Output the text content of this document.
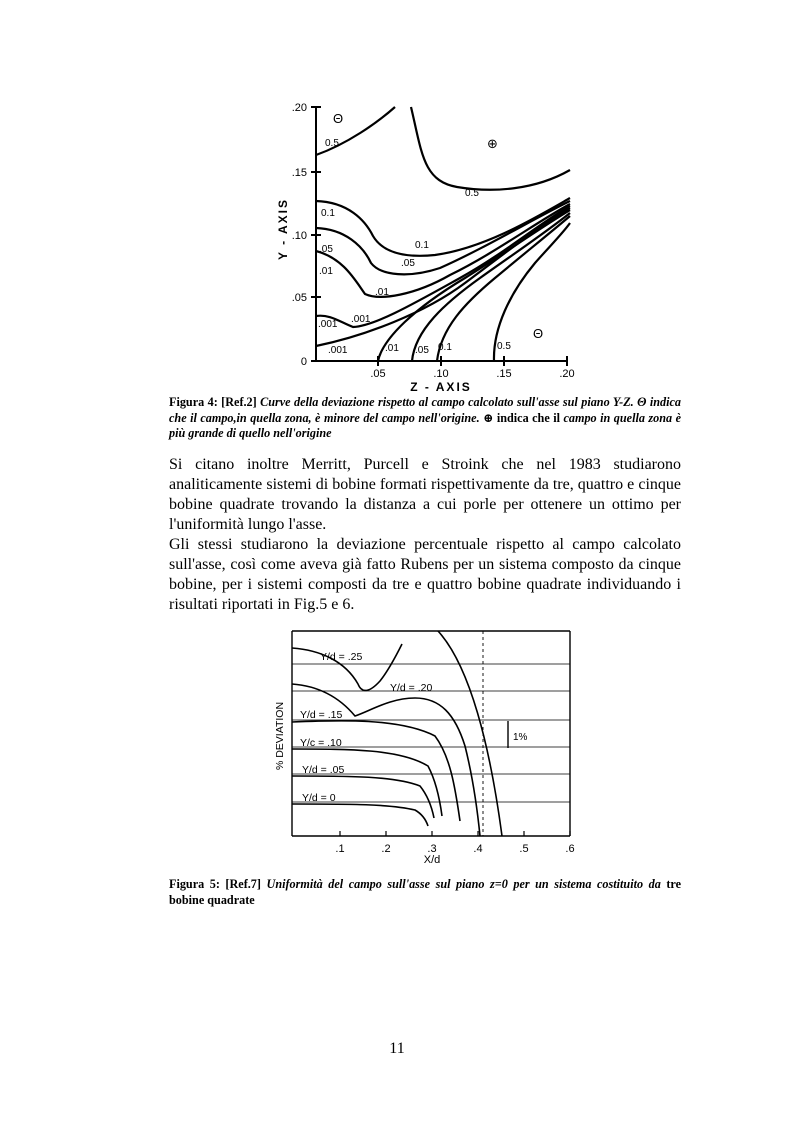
0
.05
.10
.15
.20
.05	.10	.15	.20
Z - AXIS
Y - AXIS
0.5
0.1
.05
.01
.001
.001	.01 .05 0.1	0.5
0.5
0.1
.05
.01
.001
Θ
⊕
Θ
Figura 4: [Ref.2] Curve della deviazione rispetto al campo calcolato sull'asse sul piano Y-Z. Θ indica che il campo,in quella zona, è minore del campo nell'origine. ⊕ indica che il campo in quella zona è più grande di quello nell'origine

Si citano inoltre Merritt, Purcell e Stroink che nel 1983 studiarono analiticamente sistemi di bobine formati rispettivamente da tre, quattro e cinque bobine quadrate trovando la distanza a cui porle per ottenere un ottimo per l'uniformità lungo l'asse.

Gli stessi studiarono la deviazione percentuale rispetto al campo calcolato sull'asse, così come aveva già fatto Rubens per un sistema composto da cinque bobine, per i sistemi composti da tre e quattro bobine quadrate individuando i risultati riportati in Fig.5 e 6.

1%
Y/d = .25
Y/d = .20
Y/d = .15
Y/c = .10
Y/d = .05
Y/d = 0
.1	.2	.3	.4	.5	.6
X/d
% DEVIATION
Figura 5: [Ref.7] Uniformità del campo sull'asse sul piano z=0 per un sistema costituito da tre bobine quadrate
11
